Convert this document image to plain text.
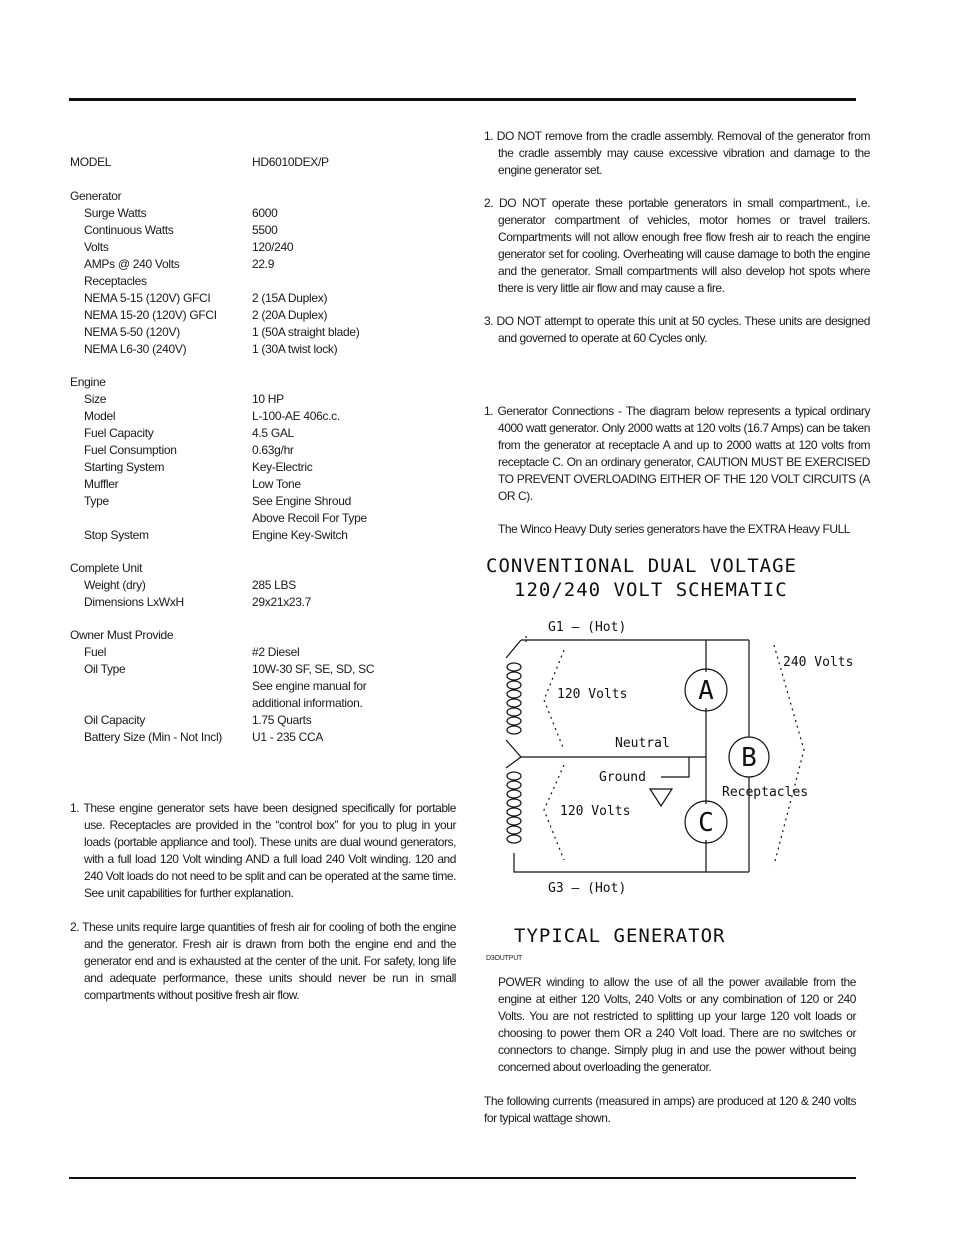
MODEL	HD6010DEX/P
Generator
Surge Watts	6000
Continuous Watts	5500
Volts	120/240
AMPs @ 240 Volts	22.9
Receptacles
NEMA 5-15 (120V) GFCI	2 (15A Duplex)
NEMA 15-20 (120V) GFCI	2 (20A Duplex)
NEMA 5-50 (120V)	1 (50A straight blade)
NEMA L6-30 (240V)	1 (30A twist lock)
Engine
Size	10 HP
Model	L-100-AE 406c.c.
Fuel Capacity	4.5 GAL
Fuel Consumption	0.63g/hr
Starting System	Key-Electric
Muffler	Low Tone
Type	See Engine Shroud
Above Recoil For Type
Stop System	Engine Key-Switch
Complete Unit
Weight (dry)	285 LBS
Dimensions LxWxH	29x21x23.7
Owner Must Provide
Fuel	#2 Diesel
Oil Type	10W-30 SF, SE, SD, SC
See engine manual for
additional information.
Oil Capacity	1.75 Quarts
Battery Size (Min - Not Incl) U1 - 235 CCA

1. These engine generator sets have been designed specifically for portable use. Receptacles are provided in the “control box” for you to plug in your loads (portable appliance and tool). These units are dual wound generators, with a full load 120 Volt winding AND a full load 240 Volt winding. 120 and 240 Volt loads do not need to be split and can be operated at the same time. See unit capabilities for further explanation.

2. These units require large quantities of fresh air for cooling of both the engine and the generator. Fresh air is drawn from both the engine end and the generator end and is exhausted at the center of the unit. For safety, long life and adequate performance, these units should never be run in small compartments without positive fresh air flow.

1. DO NOT remove from the cradle assembly. Removal of the generator from the cradle assembly may cause excessive vibration and damage to the engine generator set.

2. DO NOT operate these portable generators in small compartment., i.e. generator compartment of vehicles, motor homes or travel trailers. Compartments will not allow enough free flow fresh air to reach the engine generator set for cooling. Overheating will cause damage to both the engine and the generator. Small compartments will also develop hot spots where there is very little air flow and may cause a fire.

3. DO NOT attempt to operate this unit at 50 cycles. These units are designed and governed to operate at 60 Cycles only.

1. Generator Connections - The diagram below represents a typical ordinary 4000 watt generator. Only 2000 watts at 120 volts (16.7 Amps) can be taken from the generator at receptacle A and up to 2000 watts at 120 volts from receptacle C. On an ordinary generator, CAUTION MUST BE EXERCISED TO PREVENT OVERLOADING EITHER OF THE 120 VOLT CIRCUITS (A OR C).

The Winco Heavy Duty series generators have the EXTRA Heavy FULL

CONVENTIONAL DUAL VOLTAGE
120/240 VOLT SCHEMATIC
G1 — (Hot)
G3 — (Hot)
240 Volts
120 Volts
120 Volts
Neutral
Ground
Receptacles
A
B
C
TYPICAL GENERATOR
D3OUTPUT

POWER winding to allow the use of all the power available from the engine at either 120 Volts, 240 Volts or any combination of 120 or 240 Volts. You are not restricted to splitting up your large 120 volt loads or choosing to power them OR a 240 Volt load. There are no switches or connectors to change. Simply plug in and use the power without being concerned about overloading the generator.

The following currents (measured in amps) are produced at 120 & 240 volts for typical wattage shown.
